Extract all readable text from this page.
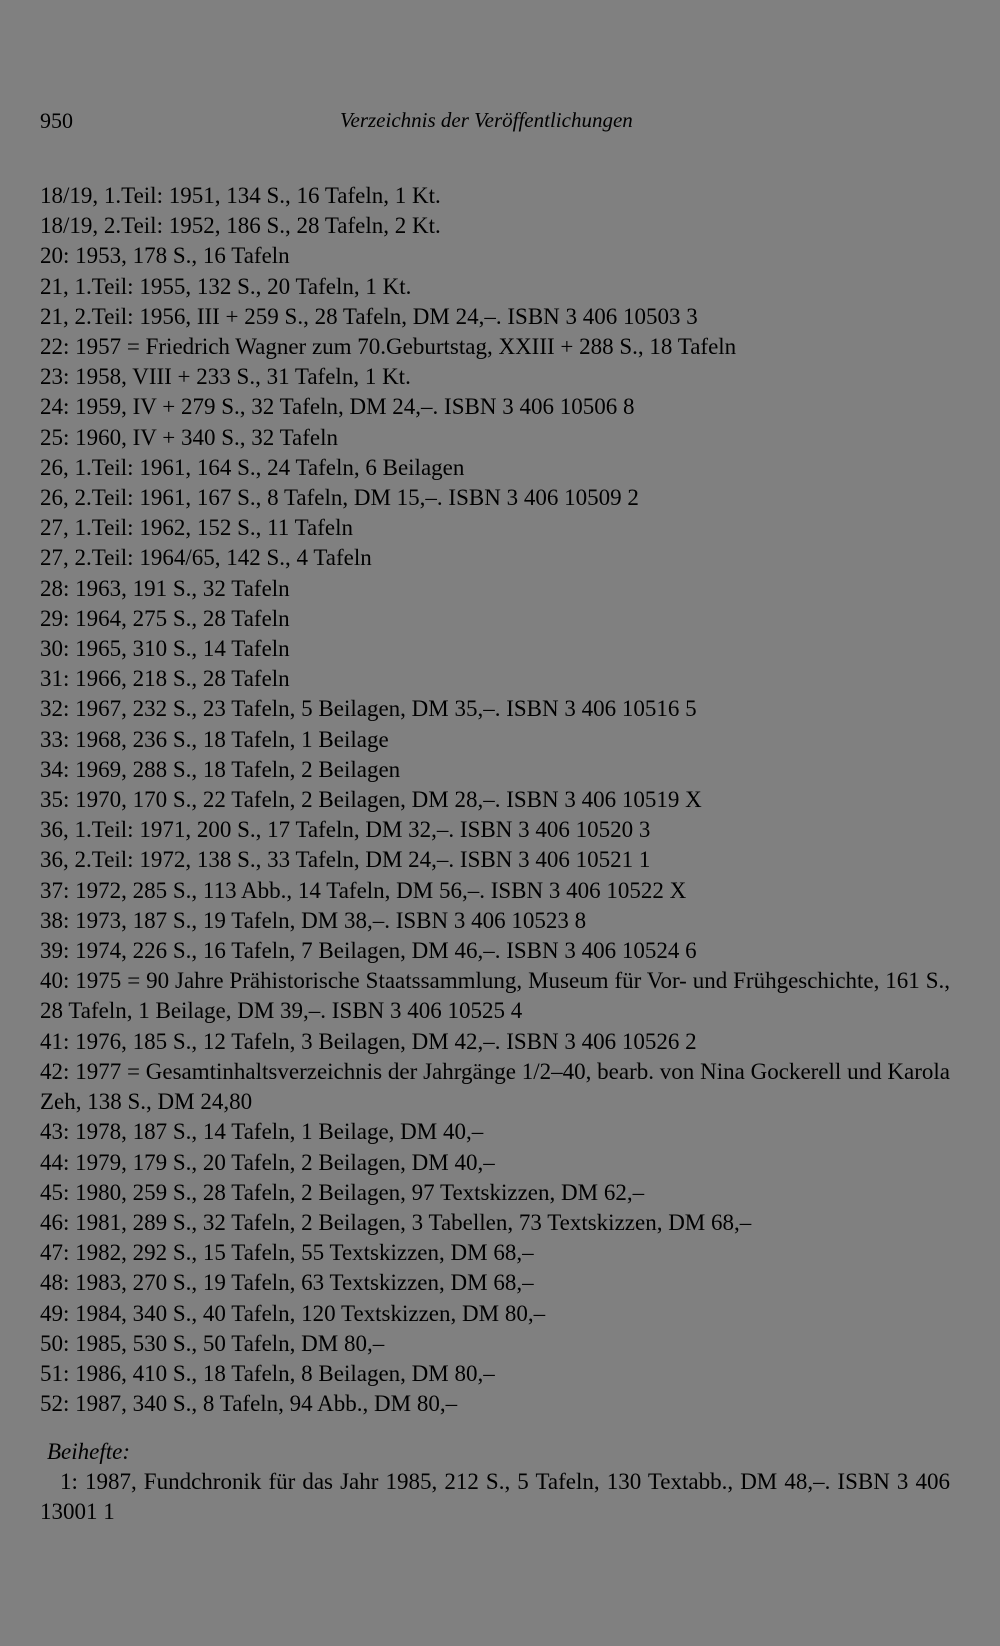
950	Verzeichnis der Veröffentlichungen
18/19, 1.Teil: 1951, 134 S., 16 Tafeln, 1 Kt.
18/19, 2.Teil: 1952, 186 S., 28 Tafeln, 2 Kt.
20: 1953, 178 S., 16 Tafeln
21, 1.Teil: 1955, 132 S., 20 Tafeln, 1 Kt.
21, 2.Teil: 1956, III + 259 S., 28 Tafeln, DM 24,–. ISBN 3 406 10503 3
22: 1957 = Friedrich Wagner zum 70.Geburtstag, XXIII + 288 S., 18 Tafeln
23: 1958, VIII + 233 S., 31 Tafeln, 1 Kt.
24: 1959, IV + 279 S., 32 Tafeln, DM 24,–. ISBN 3 406 10506 8
25: 1960, IV + 340 S., 32 Tafeln
26, 1.Teil: 1961, 164 S., 24 Tafeln, 6 Beilagen
26, 2.Teil: 1961, 167 S., 8 Tafeln, DM 15,–. ISBN 3 406 10509 2
27, 1.Teil: 1962, 152 S., 11 Tafeln
27, 2.Teil: 1964/65, 142 S., 4 Tafeln
28: 1963, 191 S., 32 Tafeln
29: 1964, 275 S., 28 Tafeln
30: 1965, 310 S., 14 Tafeln
31: 1966, 218 S., 28 Tafeln
32: 1967, 232 S., 23 Tafeln, 5 Beilagen, DM 35,–. ISBN 3 406 10516 5
33: 1968, 236 S., 18 Tafeln, 1 Beilage
34: 1969, 288 S., 18 Tafeln, 2 Beilagen
35: 1970, 170 S., 22 Tafeln, 2 Beilagen, DM 28,–. ISBN 3 406 10519 X
36, 1.Teil: 1971, 200 S., 17 Tafeln, DM 32,–. ISBN 3 406 10520 3
36, 2.Teil: 1972, 138 S., 33 Tafeln, DM 24,–. ISBN 3 406 10521 1
37: 1972, 285 S., 113 Abb., 14 Tafeln, DM 56,–. ISBN 3 406 10522 X
38: 1973, 187 S., 19 Tafeln, DM 38,–. ISBN 3 406 10523 8
39: 1974, 226 S., 16 Tafeln, 7 Beilagen, DM 46,–. ISBN 3 406 10524 6
40: 1975 = 90 Jahre Prähistorische Staatssammlung, Museum für Vor- und Frühgeschichte, 161 S., 28 Tafeln, 1 Beilage, DM 39,–. ISBN 3 406 10525 4
41: 1976, 185 S., 12 Tafeln, 3 Beilagen, DM 42,–. ISBN 3 406 10526 2
42: 1977 = Gesamtinhaltsverzeichnis der Jahrgänge 1/2–40, bearb. von Nina Gockerell und Karola Zeh, 138 S., DM 24,80
43: 1978, 187 S., 14 Tafeln, 1 Beilage, DM 40,–
44: 1979, 179 S., 20 Tafeln, 2 Beilagen, DM 40,–
45: 1980, 259 S., 28 Tafeln, 2 Beilagen, 97 Textskizzen, DM 62,–
46: 1981, 289 S., 32 Tafeln, 2 Beilagen, 3 Tabellen, 73 Textskizzen, DM 68,–
47: 1982, 292 S., 15 Tafeln, 55 Textskizzen, DM 68,–
48: 1983, 270 S., 19 Tafeln, 63 Textskizzen, DM 68,–
49: 1984, 340 S., 40 Tafeln, 120 Textskizzen, DM 80,–
50: 1985, 530 S., 50 Tafeln, DM 80,–
51: 1986, 410 S., 18 Tafeln, 8 Beilagen, DM 80,–
52: 1987, 340 S., 8 Tafeln, 94 Abb., DM 80,–
Beihefte:
1: 1987, Fundchronik für das Jahr 1985, 212 S., 5 Tafeln, 130 Textabb., DM 48,–. ISBN 3 406 13001 1
